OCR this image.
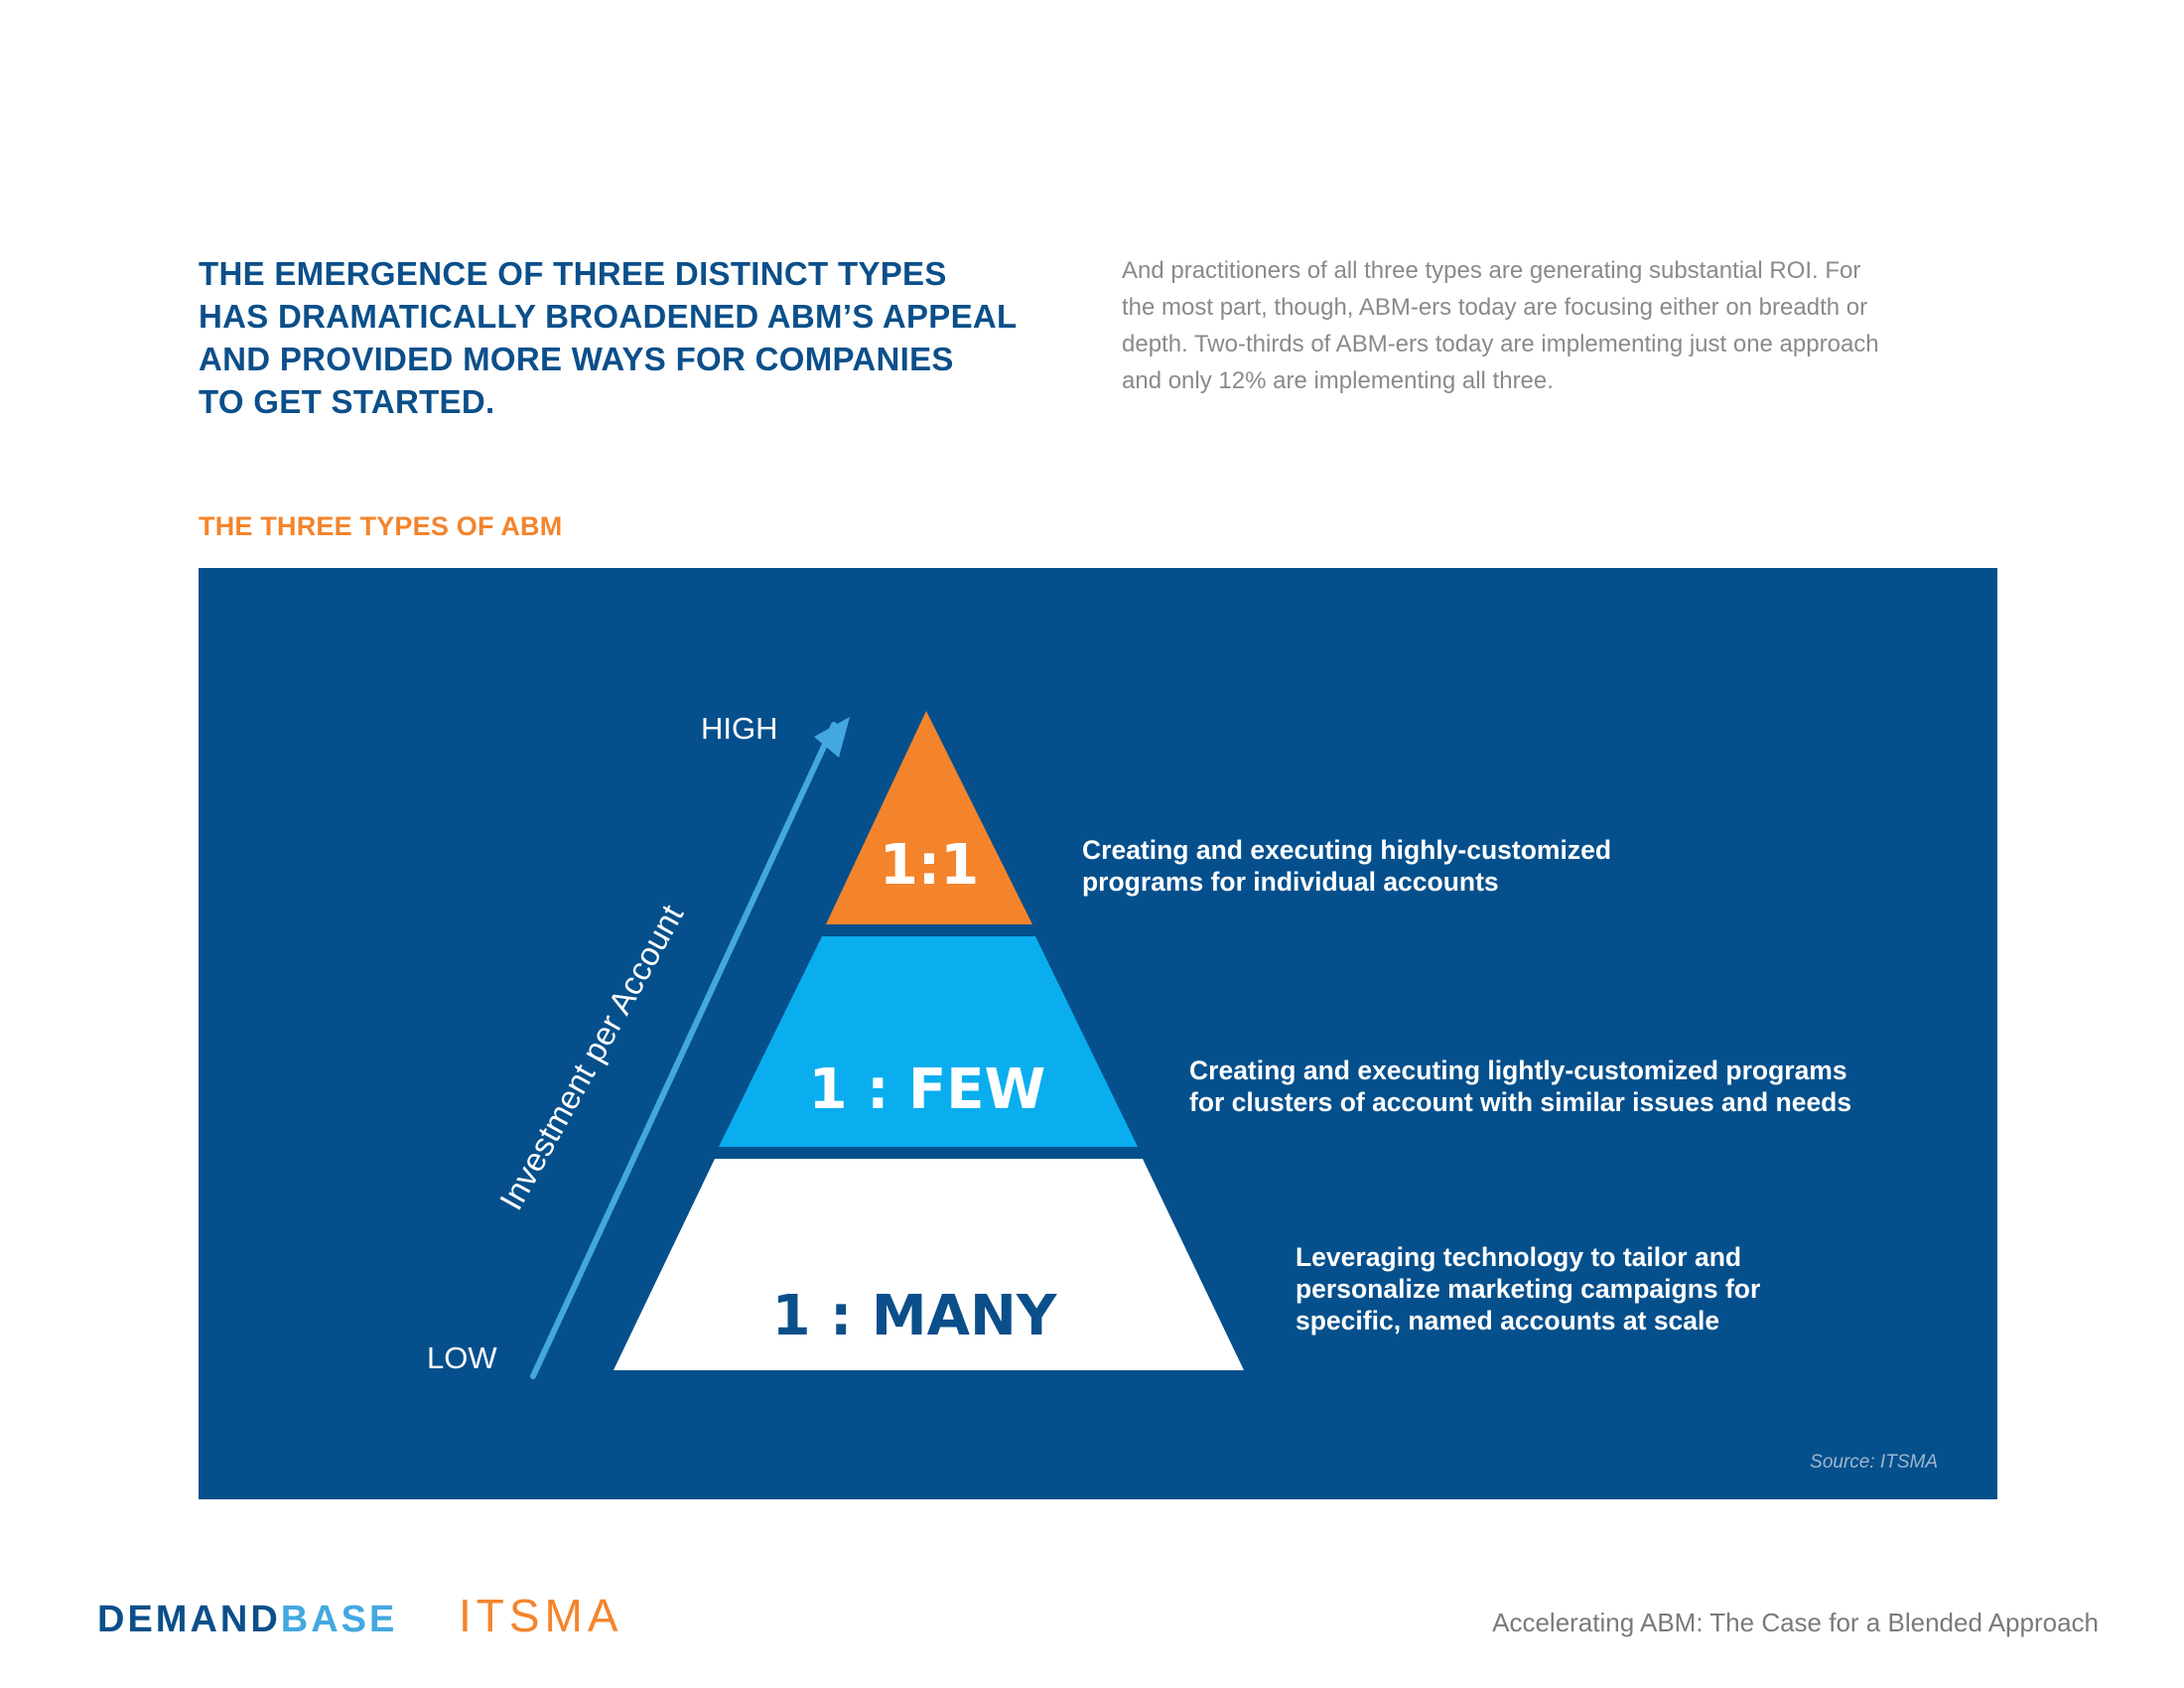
THE EMERGENCE OF THREE DISTINCT TYPES
HAS DRAMATICALLY BROADENED ABM’S APPEAL
AND PROVIDED MORE WAYS FOR COMPANIES
TO GET STARTED.
And practitioners of all three types are generating substantial ROI. For
the most part, though, ABM-ers today are focusing either on breadth or
depth. Two-thirds of ABM-ers today are implementing just one approach
and only 12% are implementing all three.
THE THREE TYPES OF ABM
1:1
1 : FEW
1 : MANY
HIGH
LOW
Investment per Account
Creating and executing highly-customized
programs for individual accounts
Creating and executing lightly-customized programs
for clusters of account with similar issues and needs
Leveraging technology to tailor and
personalize marketing campaigns for
specific, named accounts at scale
Source: ITSMA
DEMANDBASE ITSMA	Accelerating ABM: The Case for a Blended Approach
